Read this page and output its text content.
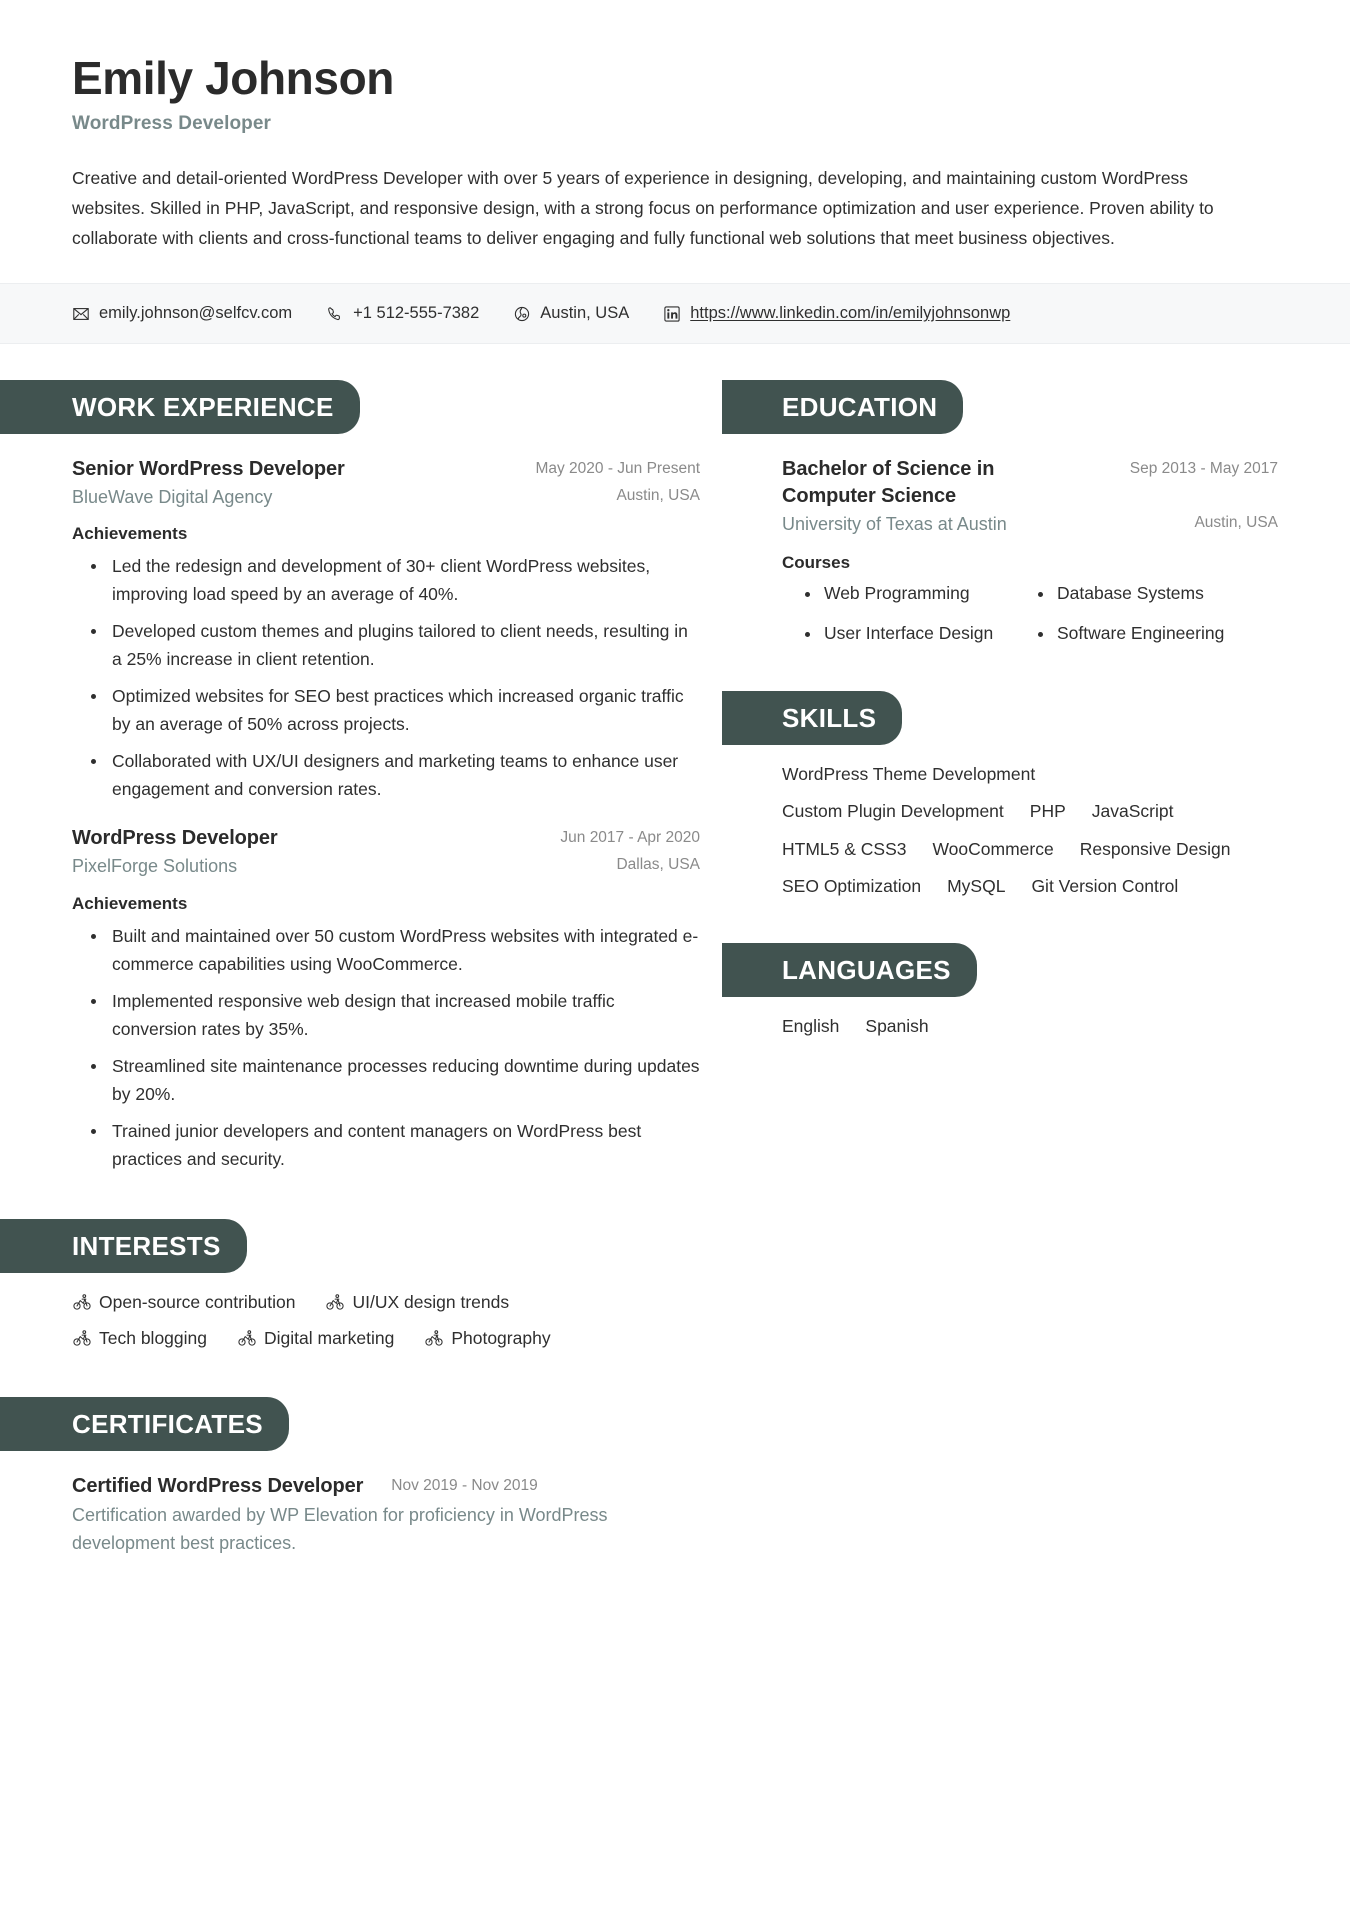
Emily Johnson
WordPress Developer
Creative and detail-oriented WordPress Developer with over 5 years of experience in designing, developing, and maintaining custom WordPress websites. Skilled in PHP, JavaScript, and responsive design, with a strong focus on performance optimization and user experience. Proven ability to collaborate with clients and cross-functional teams to deliver engaging and fully functional web solutions that meet business objectives.
emily.johnson@selfcv.com	+1 512-555-7382	Austin, USA	https://www.linkedin.com/in/emilyjohnsonwp
WORK EXPERIENCE
Senior WordPress Developer	May 2020 - Jun Present
BlueWave Digital Agency	Austin, USA
Achievements
Led the redesign and development of 30+ client WordPress websites, improving load speed by an average of 40%.
Developed custom themes and plugins tailored to client needs, resulting in a 25% increase in client retention.
Optimized websites for SEO best practices which increased organic traffic by an average of 50% across projects.
Collaborated with UX/UI designers and marketing teams to enhance user engagement and conversion rates.
WordPress Developer	Jun 2017 - Apr 2020
PixelForge Solutions	Dallas, USA
Achievements
Built and maintained over 50 custom WordPress websites with integrated e-commerce capabilities using WooCommerce.
Implemented responsive web design that increased mobile traffic conversion rates by 35%.
Streamlined site maintenance processes reducing downtime during updates by 20%.
Trained junior developers and content managers on WordPress best practices and security.
INTERESTS
Open-source contribution	UI/UX design trends
Tech blogging	Digital marketing	Photography
CERTIFICATES
Certified WordPress Developer Nov 2019 - Nov 2019
Certification awarded by WP Elevation for proficiency in WordPress development best practices.
EDUCATION
Bachelor of Science in Computer Science
Sep 2013 - May 2017
University of Texas at Austin	Austin, USA
Courses
Web Programming	Database Systems
User Interface Design	Software Engineering
SKILLS
WordPress Theme Development
Custom Plugin Development PHP JavaScript
HTML5 & CSS3 WooCommerce Responsive Design
SEO Optimization MySQL Git Version Control
LANGUAGES
English Spanish
